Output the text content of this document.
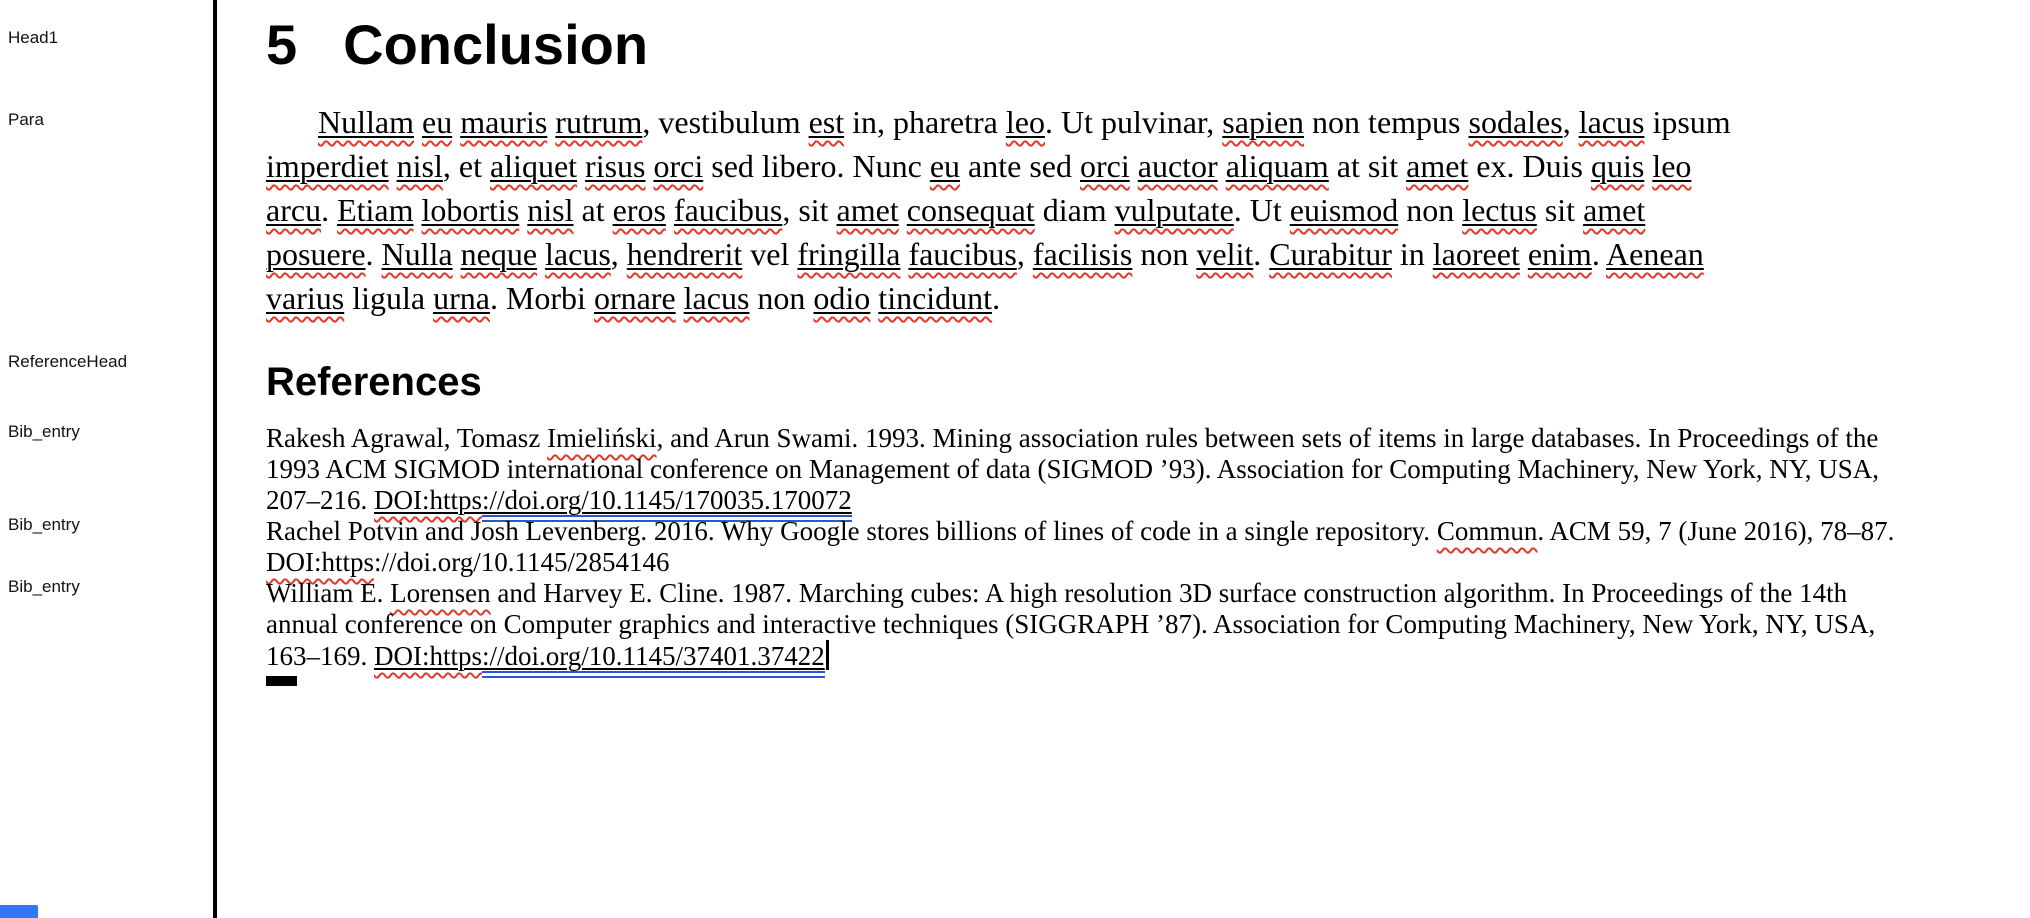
Head1
Para
ReferenceHead
Bib_entry
Bib_entry
Bib_entry
5 Conclusion
Nullam eu mauris rutrum, vestibulum est in, pharetra leo. Ut pulvinar, sapien non tempus sodales, lacus ipsum
imperdiet nisl, et aliquet risus orci sed libero. Nunc eu ante sed orci auctor aliquam at sit amet ex. Duis quis leo
arcu. Etiam lobortis nisl at eros faucibus, sit amet consequat diam vulputate. Ut euismod non lectus sit amet
posuere. Nulla neque lacus, hendrerit vel fringilla faucibus, facilisis non velit. Curabitur in laoreet enim. Aenean
varius ligula urna. Morbi ornare lacus non odio tincidunt.
References
Rakesh Agrawal, Tomasz Imieliński, and Arun Swami. 1993. Mining association rules between sets of items in large databases. In Proceedings of the
1993 ACM SIGMOD international conference on Management of data (SIGMOD ’93). Association for Computing Machinery, New York, NY, USA,
207–216. DOI:https://doi.org/10.1145/170035.170072
Rachel Potvin and Josh Levenberg. 2016. Why Google stores billions of lines of code in a single repository. Commun. ACM 59, 7 (June 2016), 78–87.
DOI:https://doi.org/10.1145/2854146
William E. Lorensen and Harvey E. Cline. 1987. Marching cubes: A high resolution 3D surface construction algorithm. In Proceedings of the 14th
annual conference on Computer graphics and interactive techniques (SIGGRAPH ’87). Association for Computing Machinery, New York, NY, USA,
163–169. DOI:https://doi.org/10.1145/37401.37422
